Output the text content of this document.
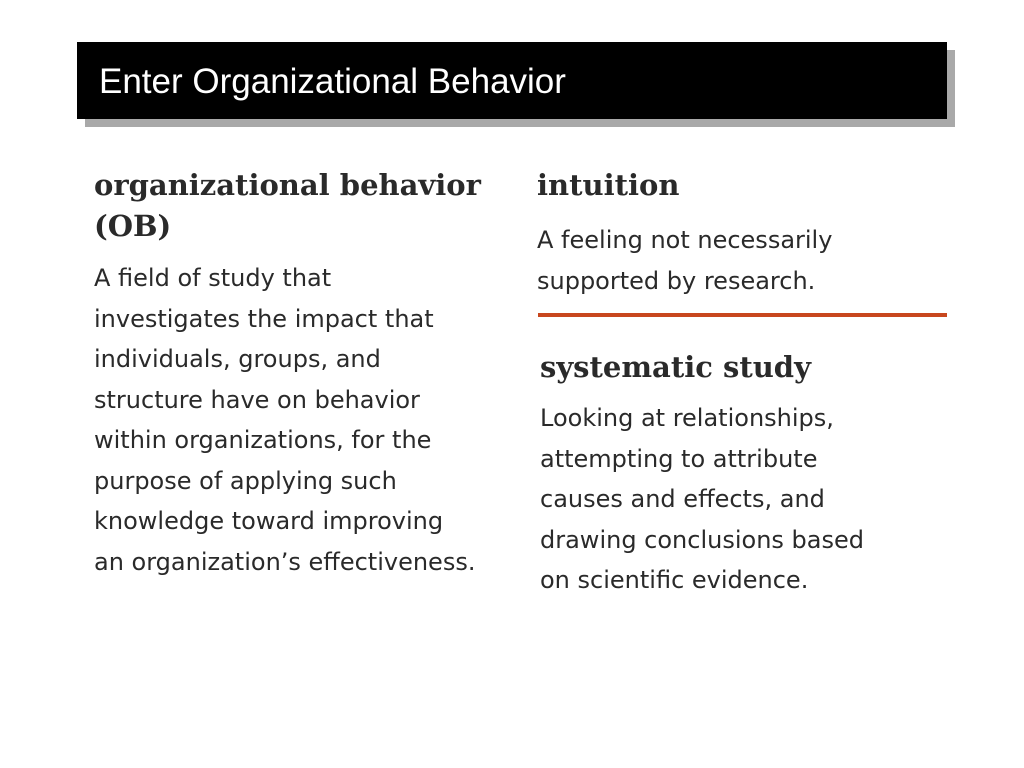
Enter Organizational Behavior
organizational behavior
(OB)
A field of study that
investigates the impact that
individuals, groups, and
structure have on behavior
within organizations, for the
purpose of applying such
knowledge toward improving
an organization’s effectiveness.
intuition
A feeling not necessarily
supported by research.
systematic study
Looking at relationships,
attempting to attribute
causes and effects, and
drawing conclusions based
on scientific evidence.
